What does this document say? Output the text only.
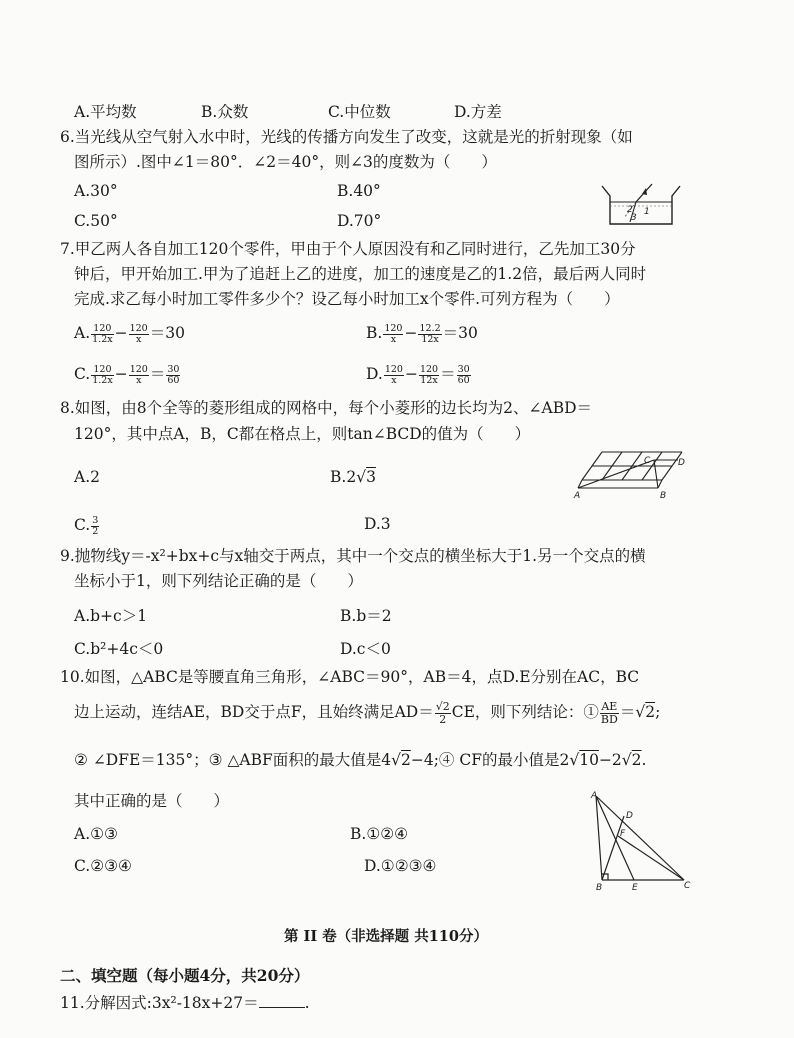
A.平均数	B.众数	C.中位数	D.方差
6.当光线从空气射入水中时，光线的传播方向发生了改变，这就是光的折射现象（如
图所示）.图中∠1＝80°．∠2＝40°，则∠3的度数为（　　）
A.30°	B.40°
C.50°	D.70°
2 1
3
7.甲乙两人各自加工120个零件，甲由于个人原因没有和乙同时进行，乙先加工30分
钟后，甲开始加工.甲为了追赶上乙的进度，加工的速度是乙的1.2倍，最后两人同时
完成.求乙每小时加工零件多少个？设乙每小时加工x个零件.可列方程为（　　）
A. $\frac{120}{1.2x} - \frac{120}{x} =30$	B. $\frac{120}{x} - \frac{12.2}{12x} =30$
C. $\frac{120}{1.2x} - \frac{120}{x} = \frac{30}{60}$	D. $\frac{120}{x} - \frac{120}{12x} = \frac{30}{60}$
8.如图，由8个全等的菱形组成的网格中，每个小菱形的边长均为2、∠ABD＝
120°，其中点A，B，C都在格点上，则tan∠BCD的值为（　　）
A.2	B.2√3
C. $\frac{3}{2}$	D.3
C	D
A	B
9.抛物线y＝-x²+bx+c与x轴交于两点，其中一个交点的横坐标大于1.另一个交点的横
坐标小于1，则下列结论正确的是（　　）
A.b+c＞1	B.b＝2
C.b²+4c＜0	D.c＜0
10.如图，△ABC是等腰直角三角形，∠ABC＝90°，AB＝4，点D.E分别在AC，BC
边上运动，连结AE，BD交于点F，且始终满足$AD= \frac{√2}{2}$ CE，则下列结论：① $\frac{AE}{BD} =√2$;
② ∠DFE＝135°；③ △ABF面积的最大值是4√2−4;④ CF的最小值是2√10−2√2.
其中正确的是（　　）
A.①③	B.①②④
C.②③④	D.①②③④
A
D
F
B	E	C
第 II 卷（非选择题 共110分）
二、填空题（每小题4分，共20分）
11.分解因式:3x²-18x+27＝	.
